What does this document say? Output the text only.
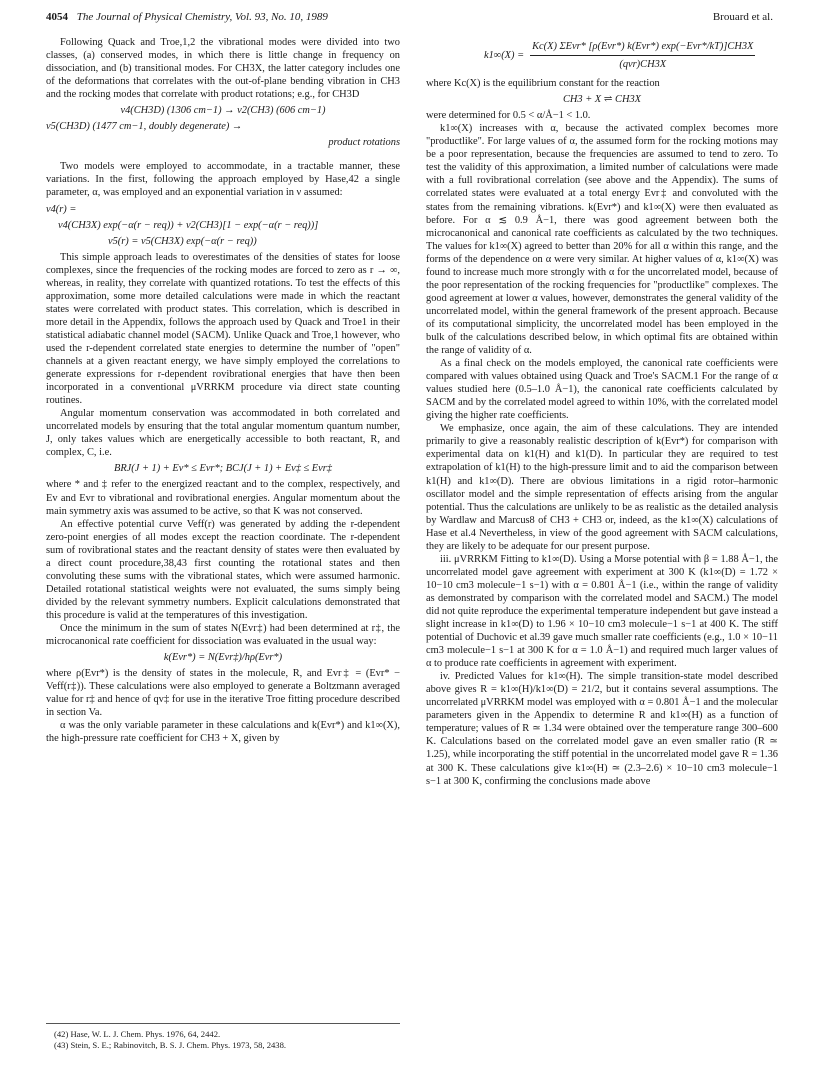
4054 The Journal of Physical Chemistry, Vol. 93, No. 10, 1989	Brouard et al.

Following Quack and Troe,1,2 the vibrational modes were divided into two classes, (a) conserved modes, in which there is little change in frequency on dissociation, and (b) transitional modes. For CH3X, the latter category includes one of the deformations that correlates with the out-of-plane bending vibration in CH3 and the rocking modes that correlate with product rotations; e.g., for CH3D

ν4(CH3D) (1306 cm−1) → ν2(CH3) (606 cm−1)
ν5(CH3D) (1477 cm−1, doubly degenerate) →
product rotations

Two models were employed to accommodate, in a tractable manner, these variations. In the first, following the approach employed by Hase,42 a single parameter, α, was employed and an exponential variation in ν assumed:

ν4(r) =
ν4(CH3X) exp(−α(r − req)) + ν2(CH3)[1 − exp(−α(r − req))]
ν5(r) = ν5(CH3X) exp(−α(r − req))

This simple approach leads to overestimates of the densities of states for loose complexes, since the frequencies of the rocking modes are forced to zero as r → ∞, whereas, in reality, they correlate with quantized rotations. To test the effects of this approximation, some more detailed calculations were made in which the reactant states were correlated with product states. This correlation, which is described in more detail in the Appendix, follows the approach used by Quack and Troe1 in their statistical adiabatic channel model (SACM). Unlike Quack and Troe,1 however, who used the r-dependent correlated state energies to determine the number of "open" channels at a given reactant energy, we have simply employed the correlations to generate expressions for r-dependent rovibrational energies that have then been incorporated in a conventional μVRRKM procedure via direct state counting routines.

Angular momentum conservation was accommodated in both correlated and uncorrelated models by ensuring that the total angular momentum quantum number, J, only takes values which are energetically accessible to both reactant, R, and complex, C, i.e.

BRJ(J + 1) + Ev* ≤ Evr*; BCJ(J + 1) + Ev‡ ≤ Evr‡

where * and ‡ refer to the energized reactant and to the complex, respectively, and Ev and Evr to vibrational and rovibrational energies. Angular momentum about the main symmetry axis was assumed to be active, so that K was not conserved.

An effective potential curve Veff(r) was generated by adding the r-dependent zero-point energies of all modes except the reaction coordinate. The r-dependent sum of rovibrational states and the reactant density of states were then evaluated by a direct count procedure,38,43 first counting the rotational states and then convoluting these sums with the vibrational states, which were assumed harmonic. Detailed rotational statistical weights were not evaluated, the sums simply being divided by the relevant symmetry numbers. Explicit calculations demonstrated that this procedure is valid at the temperatures of this investigation.

Once the minimum in the sum of states N(Evr‡) had been determined at r‡, the microcanonical rate coefficient for dissociation was evaluated in the usual way:

k(Evr*) = N(Evr‡)/hρ(Evr*)

where ρ(Evr*) is the density of states in the molecule, R, and Evr‡ = (Evr* − Veff(r‡)). These calculations were also employed to generate a Boltzmann averaged value for r‡ and hence of qv‡ for use in the iterative Troe fitting procedure described in section Va.

α was the only variable parameter in these calculations and k(Evr*) and k1∞(X), the high-pressure rate coefficient for CH3 + X, given by

(42) Hase, W. L. J. Chem. Phys. 1976, 64, 2442.
(43) Stein, S. E.; Rabinovitch, B. S. J. Chem. Phys. 1973, 58, 2438.
$k1\infty(X) = \frac{\text{Kc(X) ΣEvr* [ρ(Evr*) k(Evr*) exp(−Evr*/kT)]CH3X}}{\text{(qvr)CH3X}}$

where Kc(X) is the equilibrium constant for the reaction

CH3 + X ⇌ CH3X

were determined for 0.5 < α/Å−1 < 1.0.

k1∞(X) increases with α, because the activated complex becomes more "productlike". For large values of α, the assumed form for the rocking motions may be a poor representation, because the frequencies are assumed to tend to zero. To test the validity of this approximation, a limited number of calculations were made with a full rovibrational correlation (see above and the Appendix). The sums of correlated states were evaluated at a total energy Evr‡ and convoluted with the states from the remaining vibrations. k(Evr*) and k1∞(X) were then evaluated as before. For α ≲ 0.9 Å−1, there was good agreement between both the microcanonical and canonical rate coefficients as calculated by the two techniques. The values for k1∞(X) agreed to better than 20% for all α within this range, and the forms of the dependence on α were very similar. At higher values of α, k1∞(X) was found to increase much more strongly with α for the uncorrelated model, because of the poor representation of the rocking frequencies for "productlike" complexes. The good agreement at lower α values, however, demonstrates the general validity of the uncorrelated model, within the general framework of the present approach. Because of its computational simplicity, the uncorrelated model has been employed in the bulk of the calculations described below, in which optimal fits are obtained within the range of validity of α.

As a final check on the models employed, the canonical rate coefficients were compared with values obtained using Quack and Troe's SACM.1 For the range of α values studied here (0.5–1.0 Å−1), the canonical rate coefficients calculated by SACM and by the correlated model agreed to within 10%, with the correlated model giving the higher rate coefficients.

We emphasize, once again, the aim of these calculations. They are intended primarily to give a reasonably realistic description of k(Evr*) for comparison with experimental data on k1(H) and k1(D). In particular they are required to test extrapolation of k1(H) to the high-pressure limit and to aid the comparison between k1(H) and k1∞(D). There are obvious limitations in a rigid rotor–harmonic oscillator model and the simple representation of effects arising from the angular potential. Thus the calculations are unlikely to be as realistic as the detailed analysis by Wardlaw and Marcus8 of CH3 + CH3 or, indeed, as the k1∞(X) calculations of Hase et al.4 Nevertheless, in view of the good agreement with SACM calculations, they are likely to be adequate for our present purpose.

iii. μVRRKM Fitting to k1∞(D). Using a Morse potential with β = 1.88 Å−1, the uncorrelated model gave agreement with experiment at 300 K (k1∞(D) = 1.72 × 10−10 cm3 molecule−1 s−1) with α = 0.801 Å−1 (i.e., within the range of validity as demonstrated by comparison with the correlated model and SACM.) The model did not quite reproduce the experimental temperature independent but gave instead a slight increase in k1∞(D) to 1.96 × 10−10 cm3 molecule−1 s−1 at 400 K. The stiff potential of Duchovic et al.39 gave much smaller rate coefficients (e.g., 1.0 × 10−11 cm3 molecule−1 s−1 at 300 K for α = 1.0 Å−1) and required much larger values of α to produce rate coefficients in agreement with experiment.

iv. Predicted Values for k1∞(H). The simple transition-state model described above gives R = k1∞(H)/k1∞(D) = 21/2, but it contains several assumptions. The uncorrelated μVRRKM model was employed with α = 0.801 Å−1 and the molecular parameters given in the Appendix to determine R and k1∞(H) as a function of temperature; values of R ≃ 1.34 were obtained over the temperature range 300–600 K. Calculations based on the correlated model gave an even smaller ratio (R ≃ 1.25), while incorporating the stiff potential in the uncorrelated model gave R = 1.36 at 300 K. These calculations give k1∞(H) ≃ (2.3–2.6) × 10−10 cm3 molecule−1 s−1 at 300 K, confirming the conclusions made above
